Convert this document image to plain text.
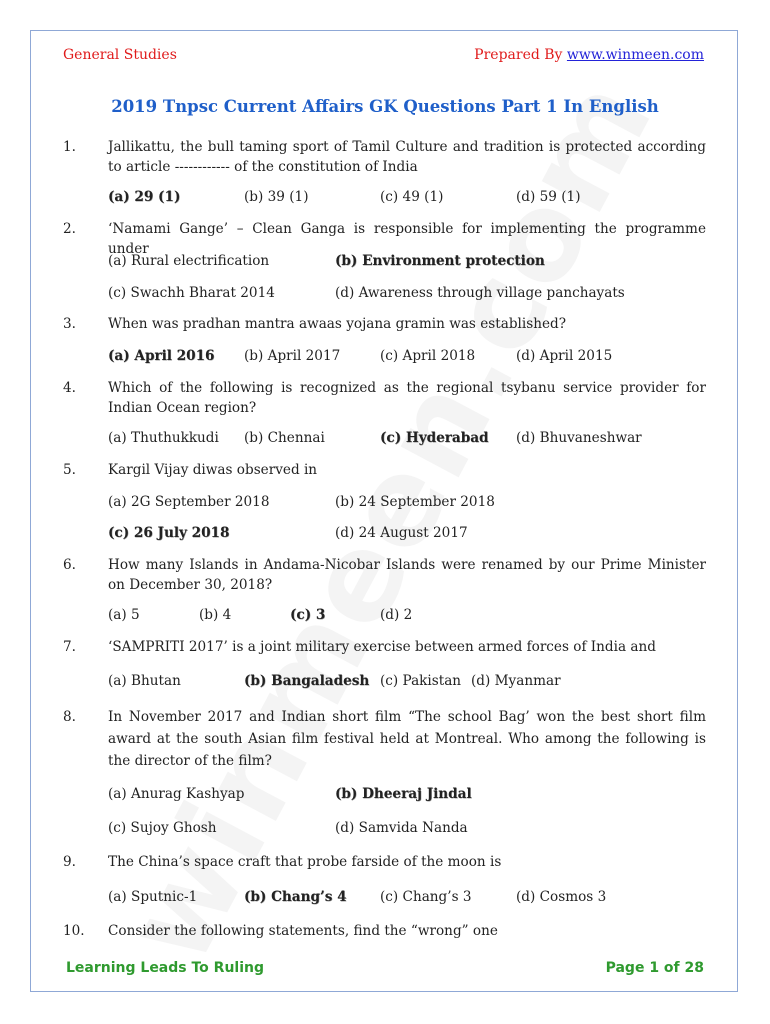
General Studies	Prepared By www.winmeen.com
2019 Tnpsc Current Affairs GK Questions Part 1 In English
1. Jallikattu, the bull taming sport of Tamil Culture and tradition is protected according to article ------------ of the constitution of India
(a) 29 (1)	(b) 39 (1)	(c) 49 (1)	(d) 59 (1)
2. ‘Namami Gange’ – Clean Ganga is responsible for implementing the programme under
(a) Rural electrification	(b) Environment protection
(c) Swachh Bharat 2014	(d) Awareness through village panchayats
3. When was pradhan mantra awaas yojana gramin was established?
(a) April 2016 (b) April 2017	(c) April 2018	(d) April 2015
4. Which of the following is recognized as the regional tsybanu service provider for Indian Ocean region?
(a) Thuthukkudi (b) Chennai	(c) Hyderabad (d) Bhuvaneshwar
5. Kargil Vijay diwas observed in
(a) 2G September 2018	(b) 24 September 2018
(c) 26 July 2018	(d) 24 August 2017
6. How many Islands in Andama-Nicobar Islands were renamed by our Prime Minister on December 30, 2018?
(a) 5	(b) 4	(c) 3	(d) 2
7. ‘SAMPRITI 2017’ is a joint military exercise between armed forces of India and
(a) Bhutan	(b) Bangaladesh (c) Pakistan (d) Myanmar
8. In November 2017 and Indian short film “The school Bag’ won the best short film award at the south Asian film festival held at Montreal. Who among the following is the director of the film?
(a) Anurag Kashyap	(b) Dheeraj Jindal
(c) Sujoy Ghosh	(d) Samvida Nanda
9. The China’s space craft that probe farside of the moon is
(a) Sputnic-1	(b) Chang’s 4 (c) Chang’s 3	(d) Cosmos 3
10. Consider the following statements, find the “wrong” one
Learning Leads To Ruling	Page 1 of 28
